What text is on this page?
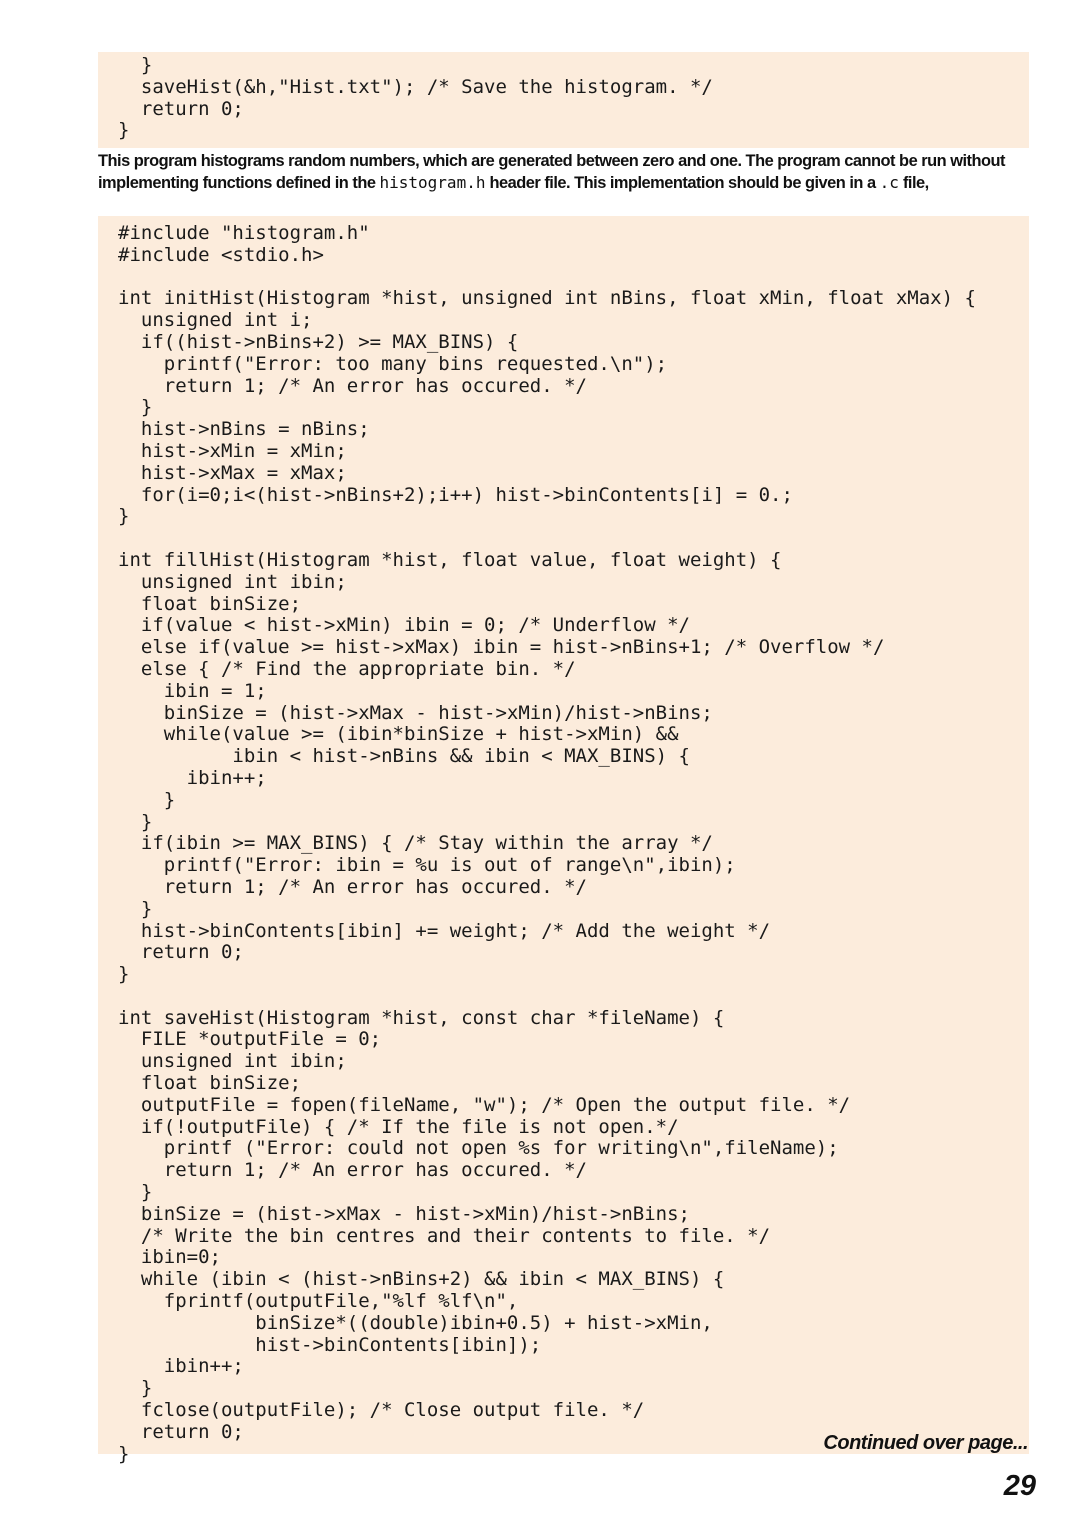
}
saveHist(&h,"Hist.txt"); /* Save the histogram. */
return 0;
}
This program histograms random numbers, which are generated between zero and one. The program cannot be run without implementing functions defined in the histogram.h header file. This implementation should be given in a .c file,
#include "histogram.h"
#include <stdio.h>

int initHist(Histogram *hist, unsigned int nBins, float xMin, float xMax) {
unsigned int i;
if((hist->nBins+2) >= MAX_BINS) {
printf("Error: too many bins requested.\n");
return 1; /* An error has occured. */
}
hist->nBins = nBins;
hist->xMin = xMin;
hist->xMax = xMax;
for(i=0;i<(hist->nBins+2);i++) hist->binContents[i] = 0.;
}

int fillHist(Histogram *hist, float value, float weight) {
unsigned int ibin;
float binSize;
if(value < hist->xMin) ibin = 0; /* Underflow */
else if(value >= hist->xMax) ibin = hist->nBins+1; /* Overflow */
else { /* Find the appropriate bin. */
ibin = 1;
binSize = (hist->xMax - hist->xMin)/hist->nBins;
while(value >= (ibin*binSize + hist->xMin) &&
ibin < hist->nBins && ibin < MAX_BINS) {
ibin++;
}
}
if(ibin >= MAX_BINS) { /* Stay within the array */
printf("Error: ibin = %u is out of range\n",ibin);
return 1; /* An error has occured. */
}
hist->binContents[ibin] += weight; /* Add the weight */
return 0;
}

int saveHist(Histogram *hist, const char *fileName) {
FILE *outputFile = 0;
unsigned int ibin;
float binSize;
outputFile = fopen(fileName, "w"); /* Open the output file. */
if(!outputFile) { /* If the file is not open.*/
printf ("Error: could not open %s for writing\n",fileName);
return 1; /* An error has occured. */
}
binSize = (hist->xMax - hist->xMin)/hist->nBins;
/* Write the bin centres and their contents to file. */
ibin=0;
while (ibin < (hist->nBins+2) && ibin < MAX_BINS) {
fprintf(outputFile,"%lf %lf\n",
binSize*((double)ibin+0.5) + hist->xMin,
hist->binContents[ibin]);
ibin++;
}
fclose(outputFile); /* Close output file. */
return 0;
}	Continued over page...
29
